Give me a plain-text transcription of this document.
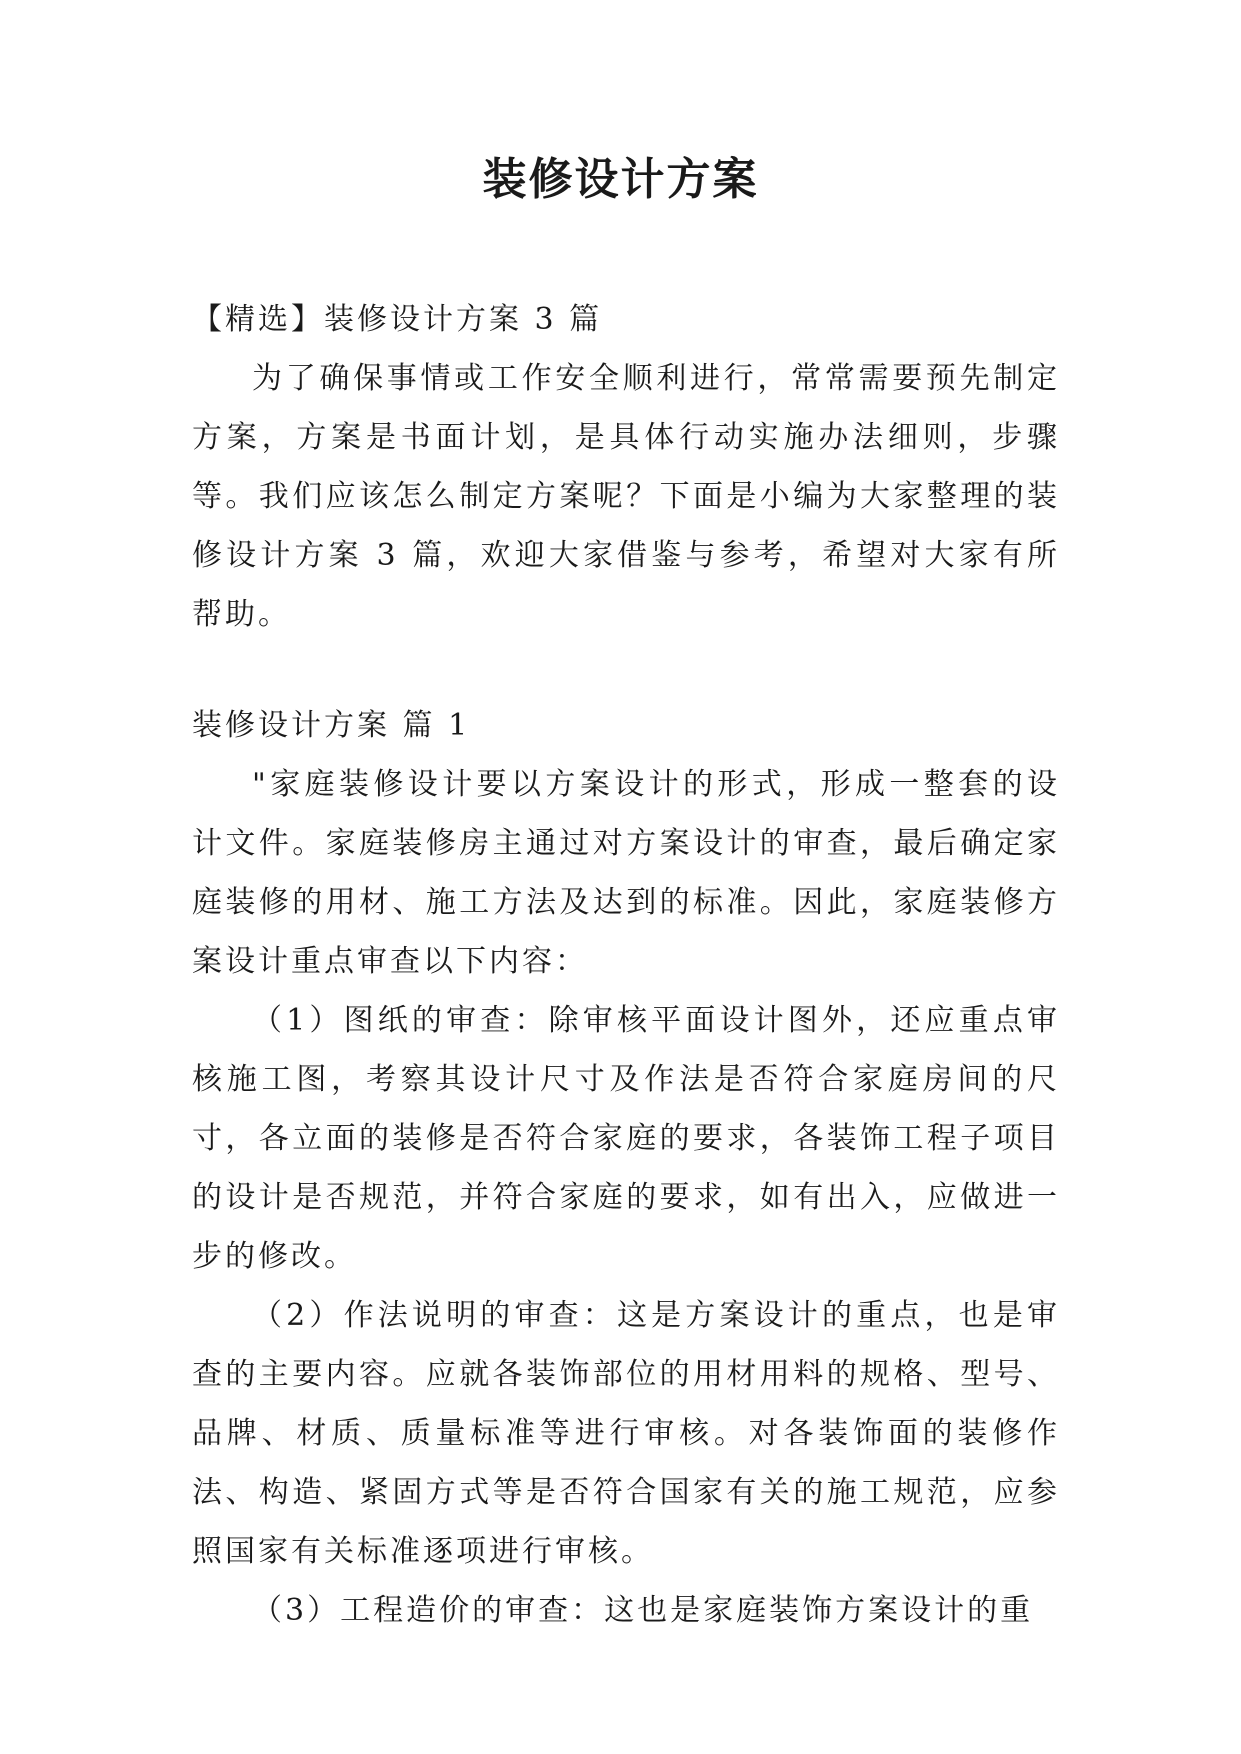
装修设计方案

【精选】装修设计方案 3 篇

为了确保事情或工作安全顺利进行，常常需要预先制定方案，方案是书面计划，是具体行动实施办法细则，步骤等。我们应该怎么制定方案呢？下面是小编为大家整理的装修设计方案 3 篇，欢迎大家借鉴与参考，希望对大家有所帮助。

装修设计方案 篇 1

"家庭装修设计要以方案设计的形式，形成一整套的设计文件。家庭装修房主通过对方案设计的审查，最后确定家庭装修的用材、施工方法及达到的标准。因此，家庭装修方案设计重点审查以下内容：

（1）图纸的审查：除审核平面设计图外，还应重点审核施工图，考察其设计尺寸及作法是否符合家庭房间的尺寸，各立面的装修是否符合家庭的要求，各装饰工程子项目的设计是否规范，并符合家庭的要求，如有出入，应做进一步的修改。

（2）作法说明的审查：这是方案设计的重点，也是审查的主要内容。应就各装饰部位的用材用料的规格、型号、品牌、材质、质量标准等进行审核。对各装饰面的装修作法、构造、紧固方式等是否符合国家有关的施工规范，应参照国家有关标准逐项进行审核。

（3）工程造价的审查：这也是家庭装饰方案设计的重
